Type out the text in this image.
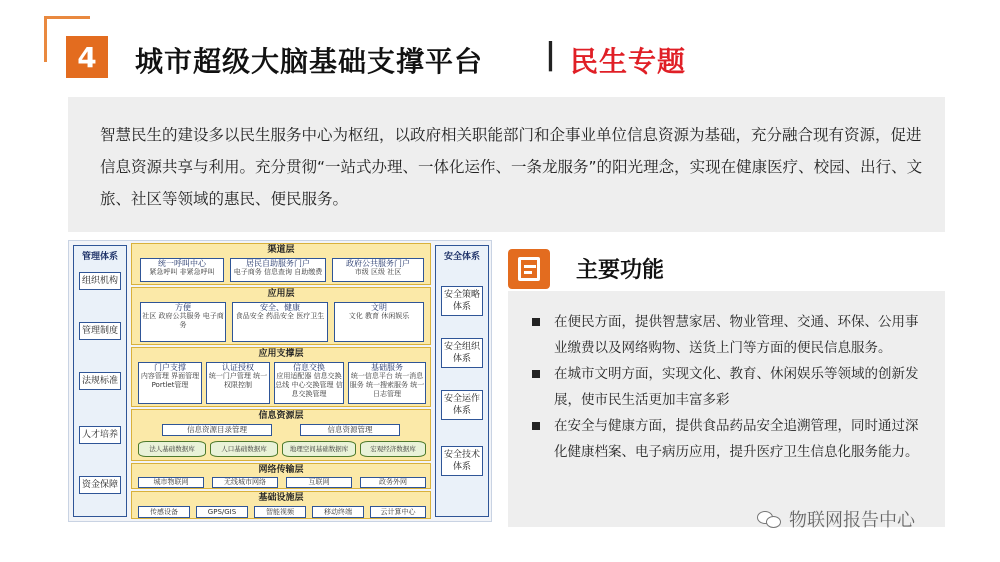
4	城市超级大脑基础支撑平台 | 民生专题

智慧民生的建设多以民生服务中心为枢纽，以政府相关职能部门和企事业单位信息资源为基础，充分融合现有资源，促进信息资源共享与利用。充分贯彻“一站式办理、一体化运作、一条龙服务”的阳光理念，实现在健康医疗、校园、出行、文旅、社区等领域的惠民、便民服务。

管理体系
组织机构
管理制度
法规标准
人才培养
资金保障
安全体系
安全策略体系
安全组织体系
安全运作体系
安全技术体系
渠道层
统一呼叫中心
紧急呼叫 非紧急呼叫
居民自助服务门户
电子商务 信息查询 自助缴费
政府公共服务门户
市级 区级 社区
应用层
方便
社区 政府公共服务 电子商务
安全、健康
食品安全 药品安全 医疗卫生
文明
文化 教育 休闲娱乐
应用支撑层
门户支撑
内容管理 界面管理 Portlet管理
认证授权
统一门户管理 统一权限控制
信息交换
应用适配器 信息交换总线 中心交换管理 信息交换管理
基础服务
统一信息平台 统一消息服务 统一搜索服务 统一日志管理
信息资源层
信息资源目录管理	信息资源管理
法人基础数据库	人口基础数据库	地理空间基础数据库	宏观经济数据库
网络传输层
城市物联网	无线城市网络	互联网	政务外网
基础设施层
传感设备	GPS/GIS	智能视频	移动终端	云计算中心
主要功能
在便民方面，提供智慧家居、物业管理、交通、环保、公用事业缴费以及网络购物、送货上门等方面的便民信息服务。
在城市文明方面，实现文化、教育、休闲娱乐等领域的创新发展，使市民生活更加丰富多彩
在安全与健康方面，提供食品药品安全追溯管理，同时通过深化健康档案、电子病历应用，提升医疗卫生信息化服务能力。
物联网报告中心
